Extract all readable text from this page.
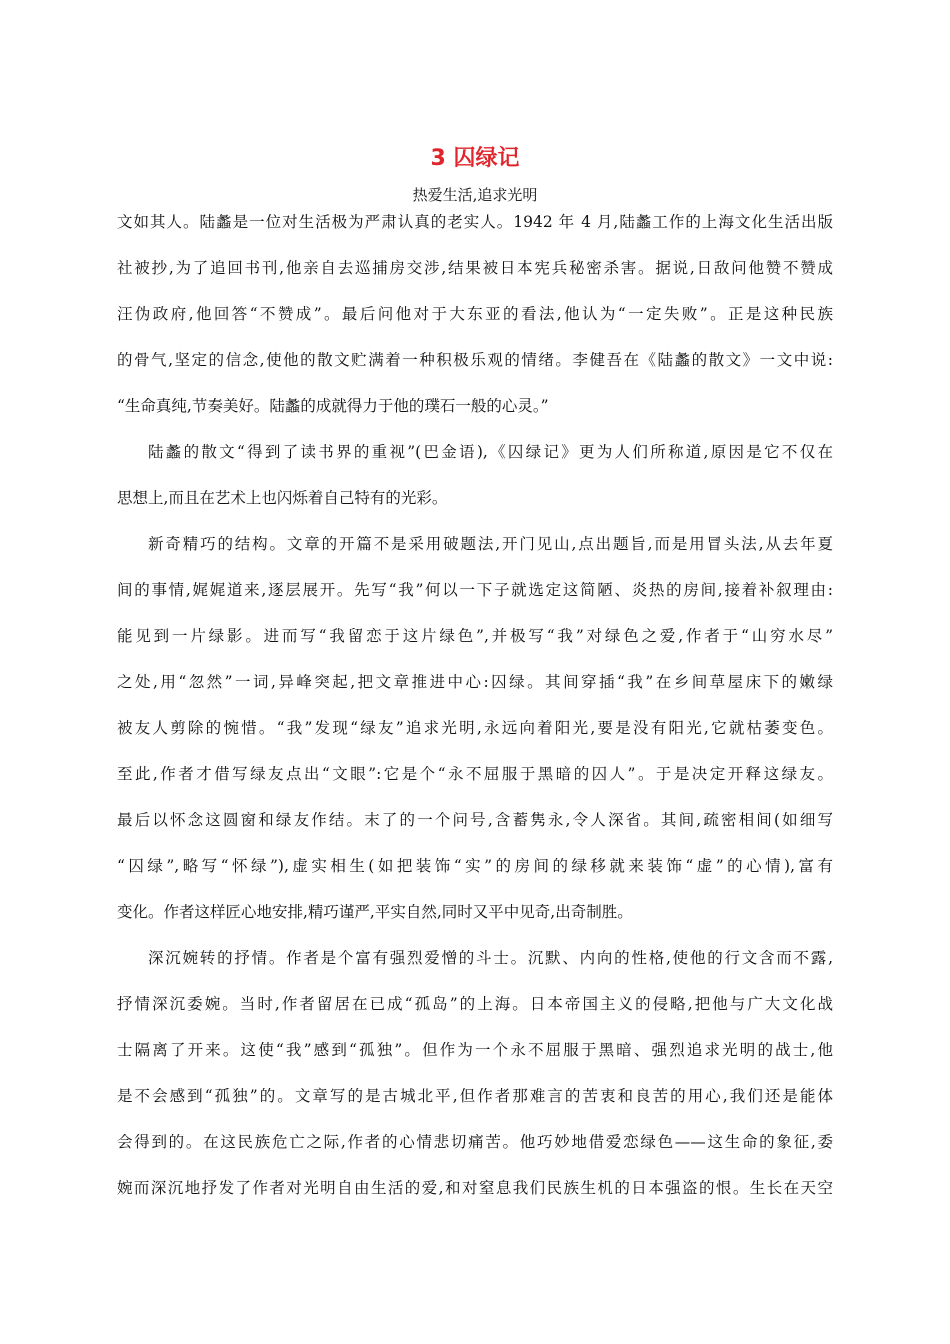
3 囚绿记
热爱生活,追求光明
文如其人。陆蠡是一位对生活极为严肃认真的老实人。1942 年 4 月,陆蠡工作的上海文化生活出版
社被抄,为了追回书刊,他亲自去巡捕房交涉,结果被日本宪兵秘密杀害。据说,日敌问他赞不赞成
汪伪政府,他回答“不赞成”。最后问他对于大东亚的看法,他认为“一定失败”。正是这种民族
的骨气,坚定的信念,使他的散文贮满着一种积极乐观的情绪。李健吾在《陆蠡的散文》一文中说:
“生命真纯,节奏美好。陆蠡的成就得力于他的璞石一般的心灵。”
陆蠡的散文“得到了读书界的重视”(巴金语),《囚绿记》更为人们所称道,原因是它不仅在
思想上,而且在艺术上也闪烁着自己特有的光彩。
新奇精巧的结构。文章的开篇不是采用破题法,开门见山,点出题旨,而是用冒头法,从去年夏
间的事情,娓娓道来,逐层展开。先写“我”何以一下子就选定这简陋、炎热的房间,接着补叙理由:
能见到一片绿影。进而写“我留恋于这片绿色”,并极写“我”对绿色之爱,作者于“山穷水尽”
之处,用“忽然”一词,异峰突起,把文章推进中心:囚绿。其间穿插“我”在乡间草屋床下的嫩绿
被友人剪除的惋惜。“我”发现“绿友”追求光明,永远向着阳光,要是没有阳光,它就枯萎变色。
至此,作者才借写绿友点出“文眼”:它是个“永不屈服于黑暗的囚人”。于是决定开释这绿友。
最后以怀念这圆窗和绿友作结。末了的一个问号,含蓄隽永,令人深省。其间,疏密相间(如细写
“囚绿”,略写“怀绿”),虚实相生(如把装饰“实”的房间的绿移就来装饰“虚”的心情),富有
变化。作者这样匠心地安排,精巧谨严,平实自然,同时又平中见奇,出奇制胜。
深沉婉转的抒情。作者是个富有强烈爱憎的斗士。沉默、内向的性格,使他的行文含而不露,
抒情深沉委婉。当时,作者留居在已成“孤岛”的上海。日本帝国主义的侵略,把他与广大文化战
士隔离了开来。这使“我”感到“孤独”。但作为一个永不屈服于黑暗、强烈追求光明的战士,他
是不会感到“孤独”的。文章写的是古城北平,但作者那难言的苦衷和良苦的用心,我们还是能体
会得到的。在这民族危亡之际,作者的心情悲切痛苦。他巧妙地借爱恋绿色——这生命的象征,委
婉而深沉地抒发了作者对光明自由生活的爱,和对窒息我们民族生机的日本强盗的恨。生长在天空
